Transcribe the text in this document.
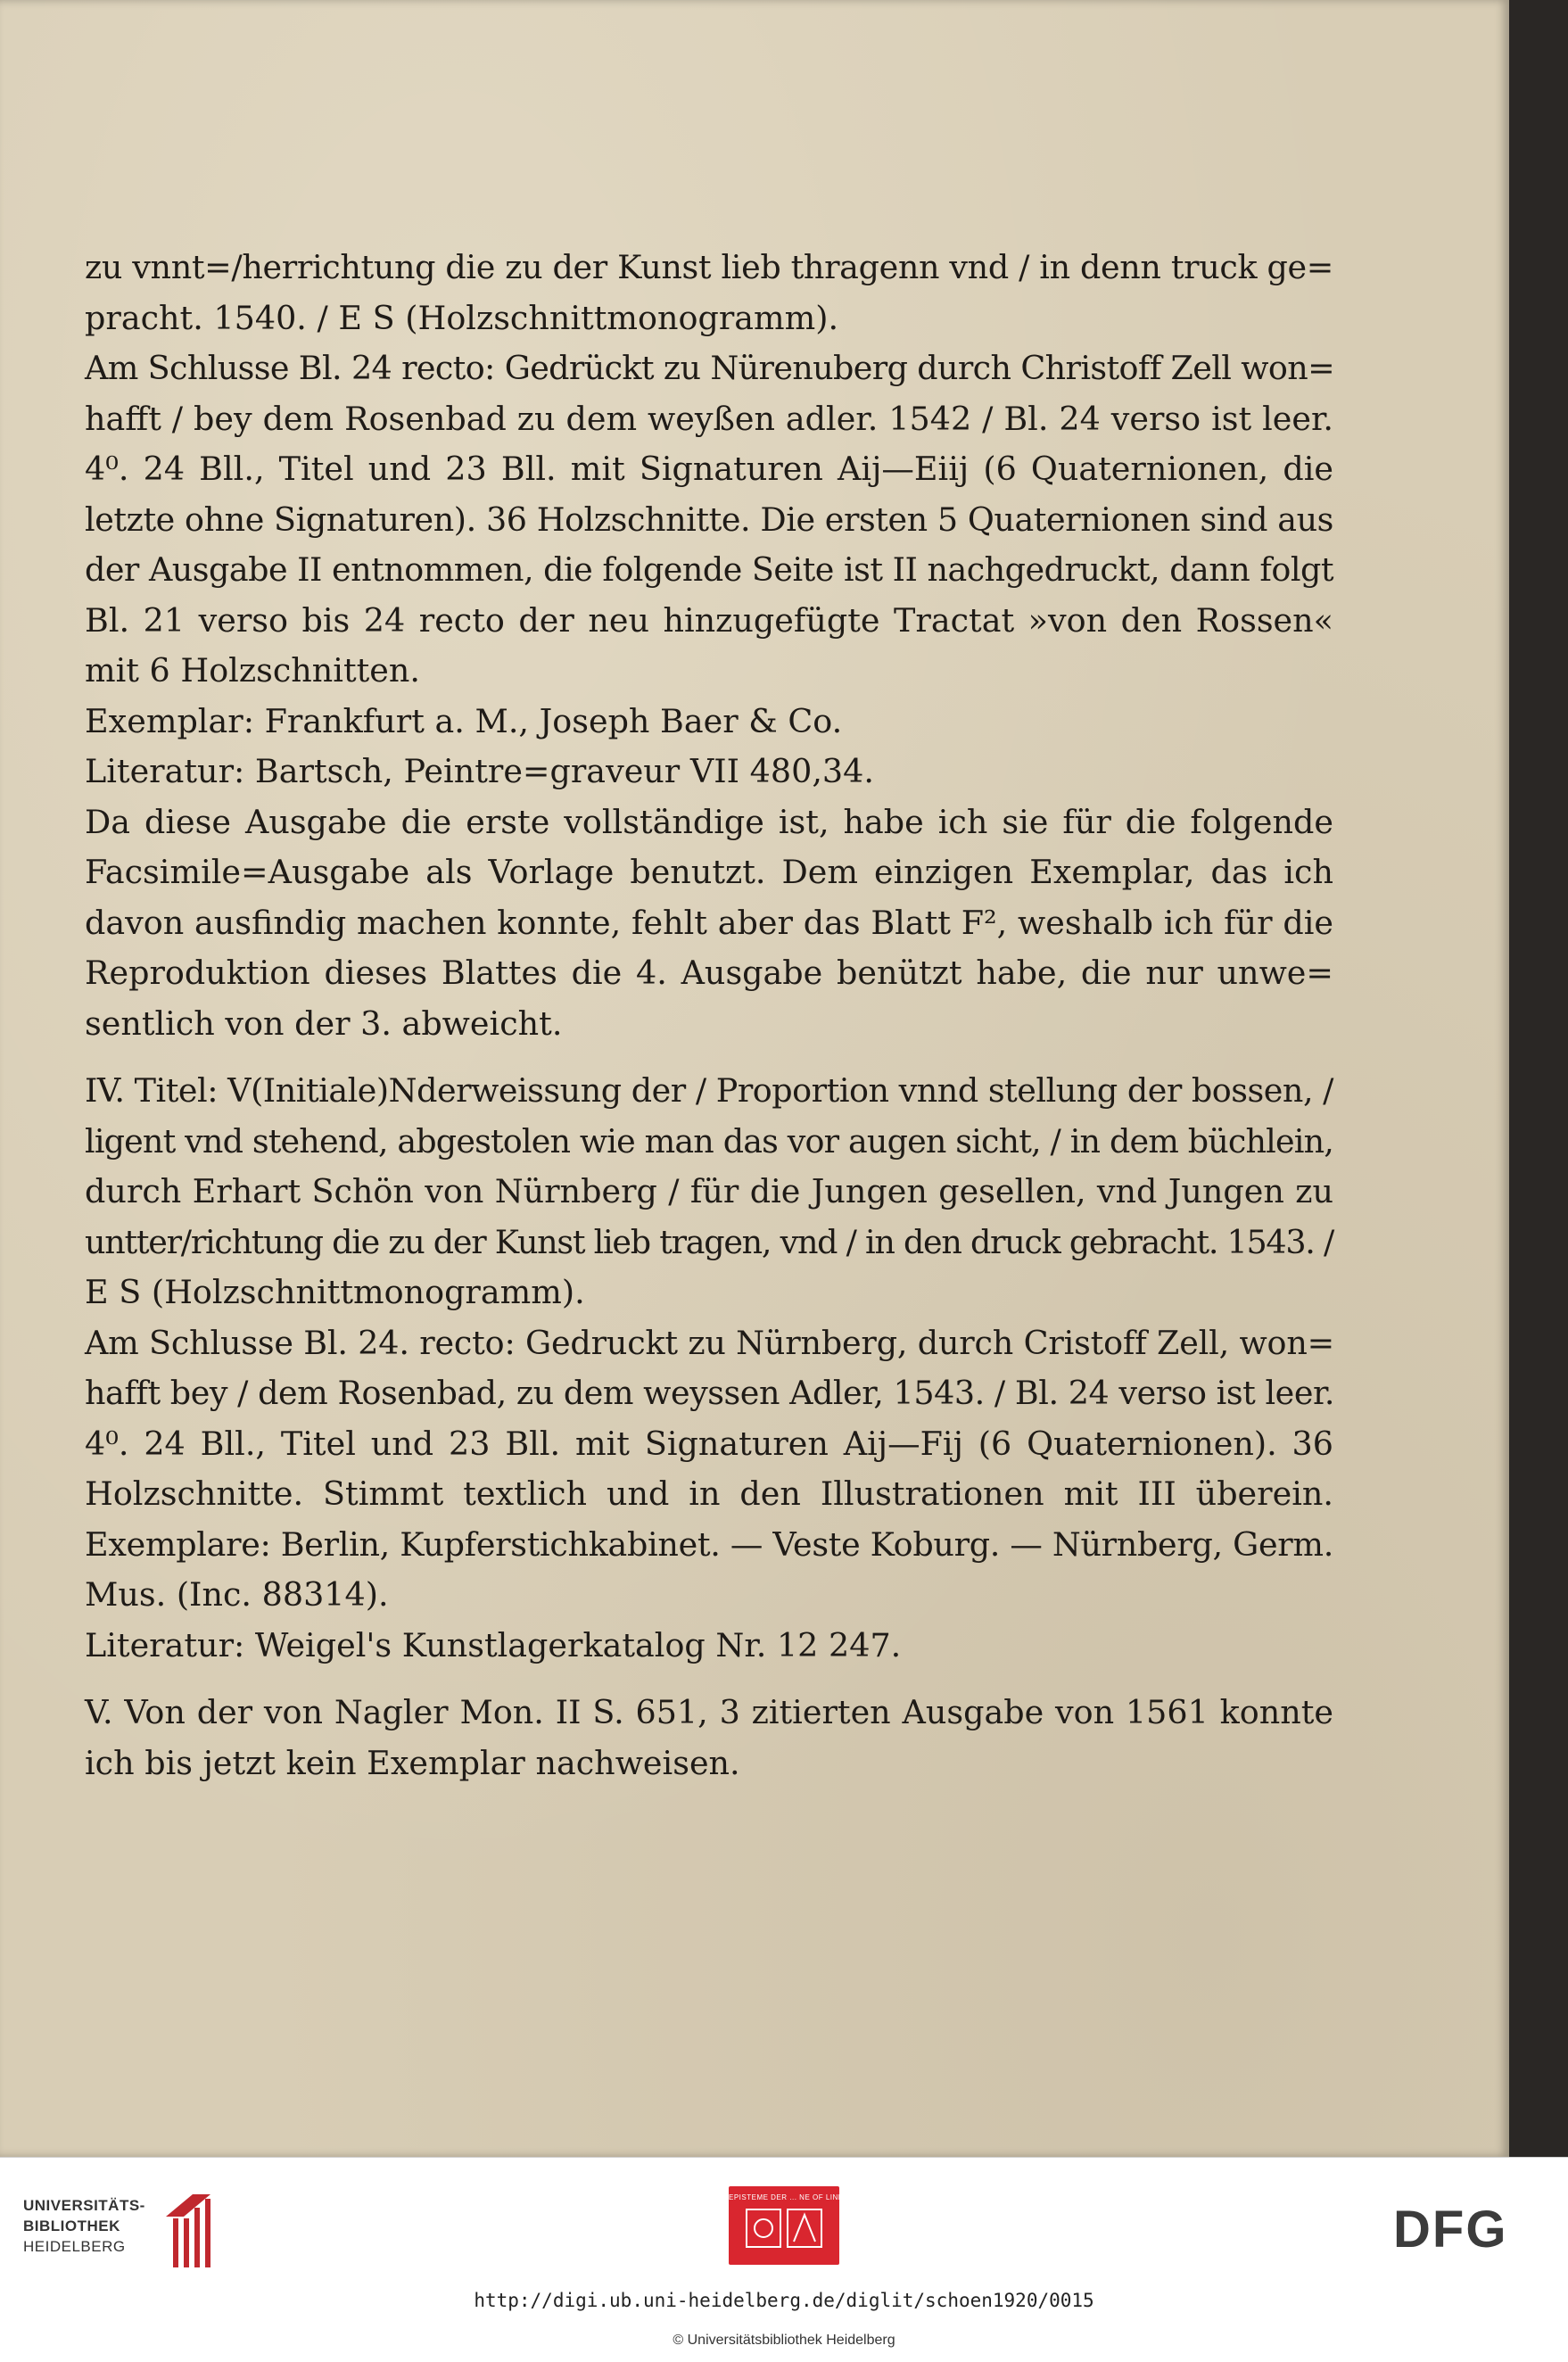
zu vnnt=/herrichtung die zu der Kunst lieb thragenn vnd / in denn truck ge=
pracht. 1540. / E S (Holzschnittmonogramm).
Am Schlusse Bl. 24 recto: Gedrückt zu Nürenuberg durch Christoff Zell won=
hafft / bey dem Rosenbad zu dem weyßen adler. 1542 / Bl. 24 verso ist leer.
4⁰. 24 Bll., Titel und 23 Bll. mit Signaturen Aij—Eiij (6 Quaternionen, die
letzte ohne Signaturen). 36 Holzschnitte. Die ersten 5 Quaternionen sind aus
der Ausgabe II entnommen, die folgende Seite ist II nachgedruckt, dann folgt
Bl. 21 verso bis 24 recto der neu hinzugefügte Tractat »von den Rossen«
mit 6 Holzschnitten.
Exemplar: Frankfurt a. M., Joseph Baer & Co.
Literatur: Bartsch, Peintre=graveur VII 480,34.
Da diese Ausgabe die erste vollständige ist, habe ich sie für die folgende
Facsimile=Ausgabe als Vorlage benutzt. Dem einzigen Exemplar, das ich
davon ausfindig machen konnte, fehlt aber das Blatt F², weshalb ich für die
Reproduktion dieses Blattes die 4. Ausgabe benützt habe, die nur unwe=
sentlich von der 3. abweicht.
IV. Titel: V(Initiale)Nderweissung der / Proportion vnnd stellung der bossen, /
ligent vnd stehend, abgestolen wie man das vor augen sicht, / in dem büchlein,
durch Erhart Schön von Nürnberg / für die Jungen gesellen, vnd Jungen zu
untter/richtung die zu der Kunst lieb tragen, vnd / in den druck gebracht. 1543. /
E S (Holzschnittmonogramm).
Am Schlusse Bl. 24. recto: Gedruckt zu Nürnberg, durch Cristoff Zell, won=
hafft bey / dem Rosenbad, zu dem weyssen Adler, 1543. / Bl. 24 verso ist leer.
4⁰. 24 Bll., Titel und 23 Bll. mit Signaturen Aij—Fij (6 Quaternionen). 36
Holzschnitte. Stimmt textlich und in den Illustrationen mit III überein.
Exemplare: Berlin, Kupferstichkabinet. — Veste Koburg. — Nürnberg, Germ.
Mus. (Inc. 88314).
Literatur: Weigel's Kunstlagerkatalog Nr. 12 247.
V. Von der von Nagler Mon. II S. 651, 3 zitierten Ausgabe von 1561 konnte
ich bis jetzt kein Exemplar nachweisen.
UNIVERSITÄTS-
BIBLIOTHEK
HEIDELBERG
EPISTEME DER ... NE OF LINES - H
DFG
http://digi.ub.uni-heidelberg.de/diglit/schoen1920/0015
© Universitätsbibliothek Heidelberg
